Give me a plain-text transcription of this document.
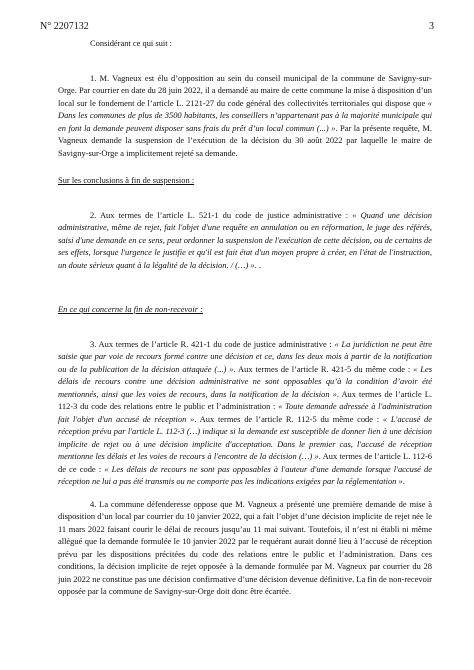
N° 2207132	3

Considérant ce qui suit :

1. M. Vagneux est élu d’opposition au sein du conseil municipal de la commune de Savigny-sur-Orge. Par courrier en date du 28 juin 2022, il a demandé au maire de cette commune la mise à disposition d’un local sur le fondement de l’article L. 2121-27 du code général des collectivités territoriales qui dispose que « Dans les communes de plus de 3500 habitants, les conseillers n’appartenant pas à la majorité municipale qui en font la demande peuvent disposer sans frais du prêt d’un local commun (...) ». Par la présente requête, M. Vagneux demande la suspension de l’exécution de la décision du 30 août 2022 par laquelle le maire de Savigny-sur-Orge a implicitement rejeté sa demande.

Sur les conclusions à fin de suspension :

2. Aux termes de l’article L. 521-1 du code de justice administrative : « Quand une décision administrative, même de rejet, fait l'objet d'une requête en annulation ou en réformation, le juge des référés, saisi d'une demande en ce sens, peut ordonner la suspension de l'exécution de cette décision, ou de certains de ses effets, lorsque l'urgence le justifie et qu'il est fait état d'un moyen propre à créer, en l'état de l'instruction, un doute sérieux quant à la légalité de la décision. / (…) ». .

En ce qui concerne la fin de non-recevoir :

3. Aux termes de l’article R. 421-1 du code de justice administrative : « La juridiction ne peut être saisie que par voie de recours formé contre une décision et ce, dans les deux mois à partir de la notification ou de la publication de la décision attaquée (...) ». Aux termes de l’article R. 421-5 du même code : « Les délais de recours contre une décision administrative ne sont opposables qu’à la condition d’avoir été mentionnés, ainsi que les voies de recours, dans la notification de la décision ». Aux termes de l’article L. 112-3 du code des relations entre le public et l’administration : « Toute demande adressée à l'administration fait l'objet d'un accusé de réception ». Aux termes de l’article R. 112-5 du même code : « L'accusé de réception prévu par l'article L. 112-3 (…) indique si la demande est susceptible de donner lien à une décision implicite de rejet ou à une décision implicite d'acceptation. Dans le premier cas, l'accusé de réception mentionne les délais et les voies de recours à l'encontre de la décision (…) ». Aux termes de l’article L. 112-6 de ce code : « Les délais de recours ne sont pas opposables à l'auteur d'une demande lorsque l'accusé de réception ne lui a pas été transmis ou ne comporte pas les indications exigées par la réglementation ».

4. La commune défenderesse oppose que M. Vagneux a présenté une première demande de mise à disposition d’un local par courrier du 10 janvier 2022, qui a fait l’objet d’une décision implicite de rejet née le 11 mars 2022 faisant courir le délai de recours jusqu’au 11 mai suivant. Toutefois, il n’est ni établi ni même allégué que la demande formulée le 10 janvier 2022 par le requérant aurait donné lieu à l’accusé de réception prévu par les dispositions précitées du code des relations entre le public et l’administration. Dans ces conditions, la décision implicite de rejet opposée à la demande formulée par M. Vagneux par courrier du 28 juin 2022 ne constitue pas une décision confirmative d’une décision devenue définitive. La fin de non-recevoir opposée par la commune de Savigny-sur-Orge doit donc être écartée.
